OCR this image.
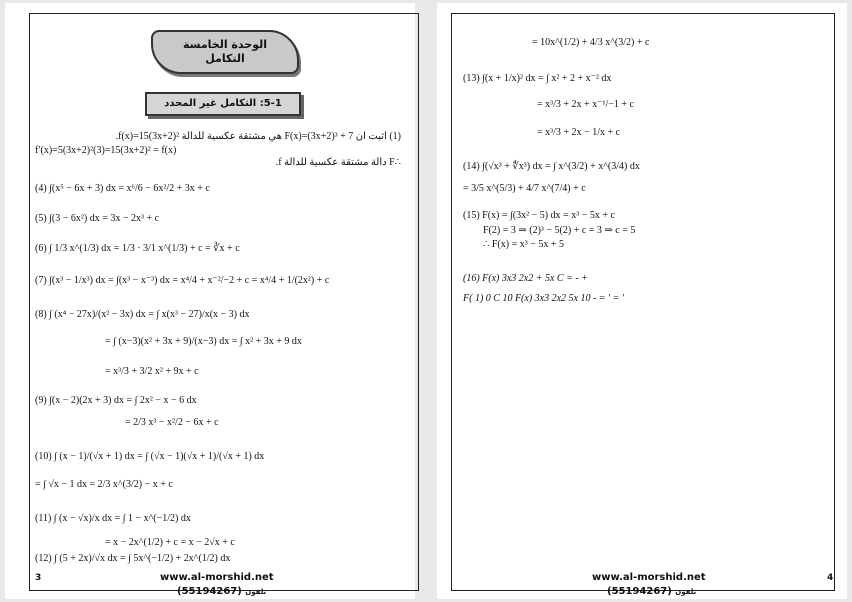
الوحدة الخامسة
التكامل
5-1: التكامل غير المحدد
(1) اثبت ان F(x)=(3x+2)³ + 7 هي مشتقة عكسية للدالة f(x)=15(3x+2)².
f′(x)=5(3x+2)²(3)=15(3x+2)² = f(x)
∴F دالة مشتقة عكسية للدالة f.
(4) ∫(x⁵ − 6x + 3) dx = x⁶/6 − 6x²/2 + 3x + c
(5) ∫(3 − 6x²) dx = 3x − 2x³ + c
(6) ∫ 1/3 x^(1/3) dx = 1/3 · 3/1 x^(1/3) + c = ∛x + c
(7) ∫(x³ − 1/x³) dx = ∫(x³ − x⁻³) dx = x⁴/4 + x⁻²/−2 + c = x⁴/4 + 1/(2x²) + c
(8) ∫ (x⁴ − 27x)/(x² − 3x) dx = ∫ x(x³ − 27)/x(x − 3) dx
= ∫ (x−3)(x² + 3x + 9)/(x−3) dx = ∫ x² + 3x + 9 dx
= x³/3 + 3/2 x² + 9x + c
(9) ∫(x − 2)(2x + 3) dx = ∫ 2x² − x − 6 dx
= 2/3 x³ − x²/2 − 6x + c
(10) ∫ (x − 1)/(√x + 1) dx = ∫ (√x − 1)(√x + 1)/(√x + 1) dx
= ∫ √x − 1 dx = 2/3 x^(3/2) − x + c
(11) ∫ (x − √x)/x dx = ∫ 1 − x^(−1/2) dx
= x − 2x^(1/2) + c = x − 2√x + c
(12) ∫ (5 + 2x)/√x dx = ∫ 5x^(−1/2) + 2x^(1/2) dx
3	www.al-morshid.net
(55194267) تلفون
= 10x^(1/2) + 4/3 x^(3/2) + c
(13) ∫(x + 1/x)² dx = ∫ x² + 2 + x⁻² dx
= x³/3 + 2x + x⁻¹/−1 + c
= x³/3 + 2x − 1/x + c
(14) ∫(√x³ + ∜x³) dx = ∫ x^(3/2) + x^(3/4) dx
= 3/5 x^(5/3) + 4/7 x^(7/4) + c
(15) F(x) = ∫(3x² − 5) dx = x³ − 5x + c
F(2) = 3 ⇒ (2)³ − 5(2) + c = 3 ⇒ c = 5
∴ F(x) = x³ − 5x + 5
(16) F(x) 3x3 2x2 + 5x C = - +
F( 1) 0 C 10 F(x) 3x3 2x2 5x 10 - = ' = '
www.al-morshid.net
(55194267) تلفون
4
